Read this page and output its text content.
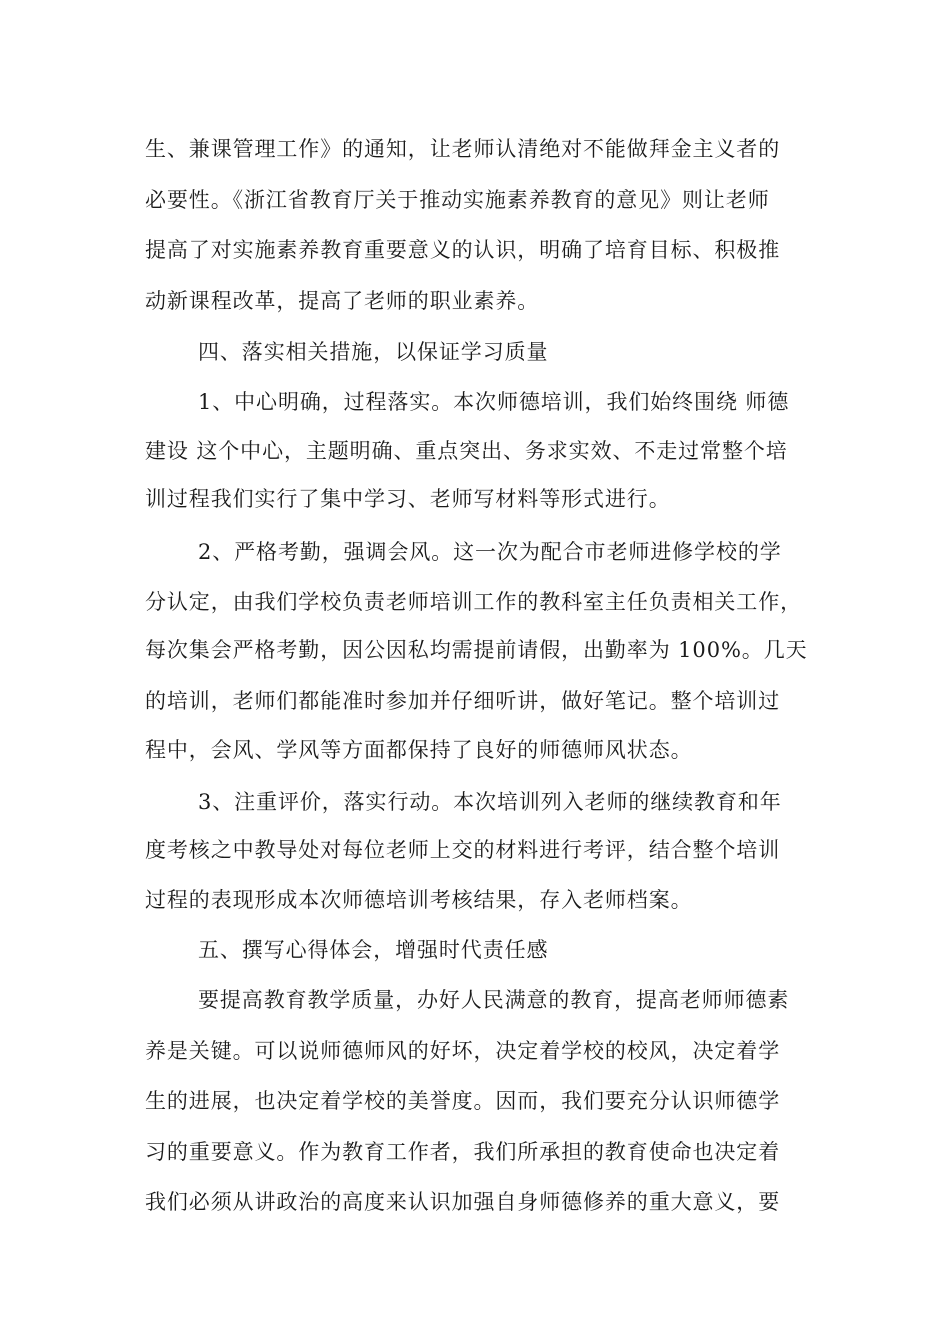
生、兼课管理工作》的通知，让老师认清绝对不能做拜金主义者的

必要性。《浙江省教育厅关于推动实施素养教育的意见》则让老师

提高了对实施素养教育重要意义的认识，明确了培育目标、积极推

动新课程改革，提高了老师的职业素养。

四、落实相关措施，以保证学习质量

1、中心明确，过程落实。本次师德培训，我们始终围绕 师德

建设 这个中心，主题明确、重点突出、务求实效、不走过常整个培

训过程我们实行了集中学习、老师写材料等形式进行。

2、严格考勤，强调会风。这一次为配合市老师进修学校的学

分认定，由我们学校负责老师培训工作的教科室主任负责相关工作，

每次集会严格考勤，因公因私均需提前请假，出勤率为 100%。几天

的培训，老师们都能准时参加并仔细听讲，做好笔记。整个培训过

程中，会风、学风等方面都保持了良好的师德师风状态。

3、注重评价，落实行动。本次培训列入老师的继续教育和年

度考核之中教导处对每位老师上交的材料进行考评，结合整个培训

过程的表现形成本次师德培训考核结果，存入老师档案。

五、撰写心得体会，增强时代责任感

要提高教育教学质量，办好人民满意的教育，提高老师师德素

养是关键。可以说师德师风的好坏，决定着学校的校风，决定着学

生的进展，也决定着学校的美誉度。因而，我们要充分认识师德学

习的重要意义。作为教育工作者，我们所承担的教育使命也决定着

我们必须从讲政治的高度来认识加强自身师德修养的重大意义，要
